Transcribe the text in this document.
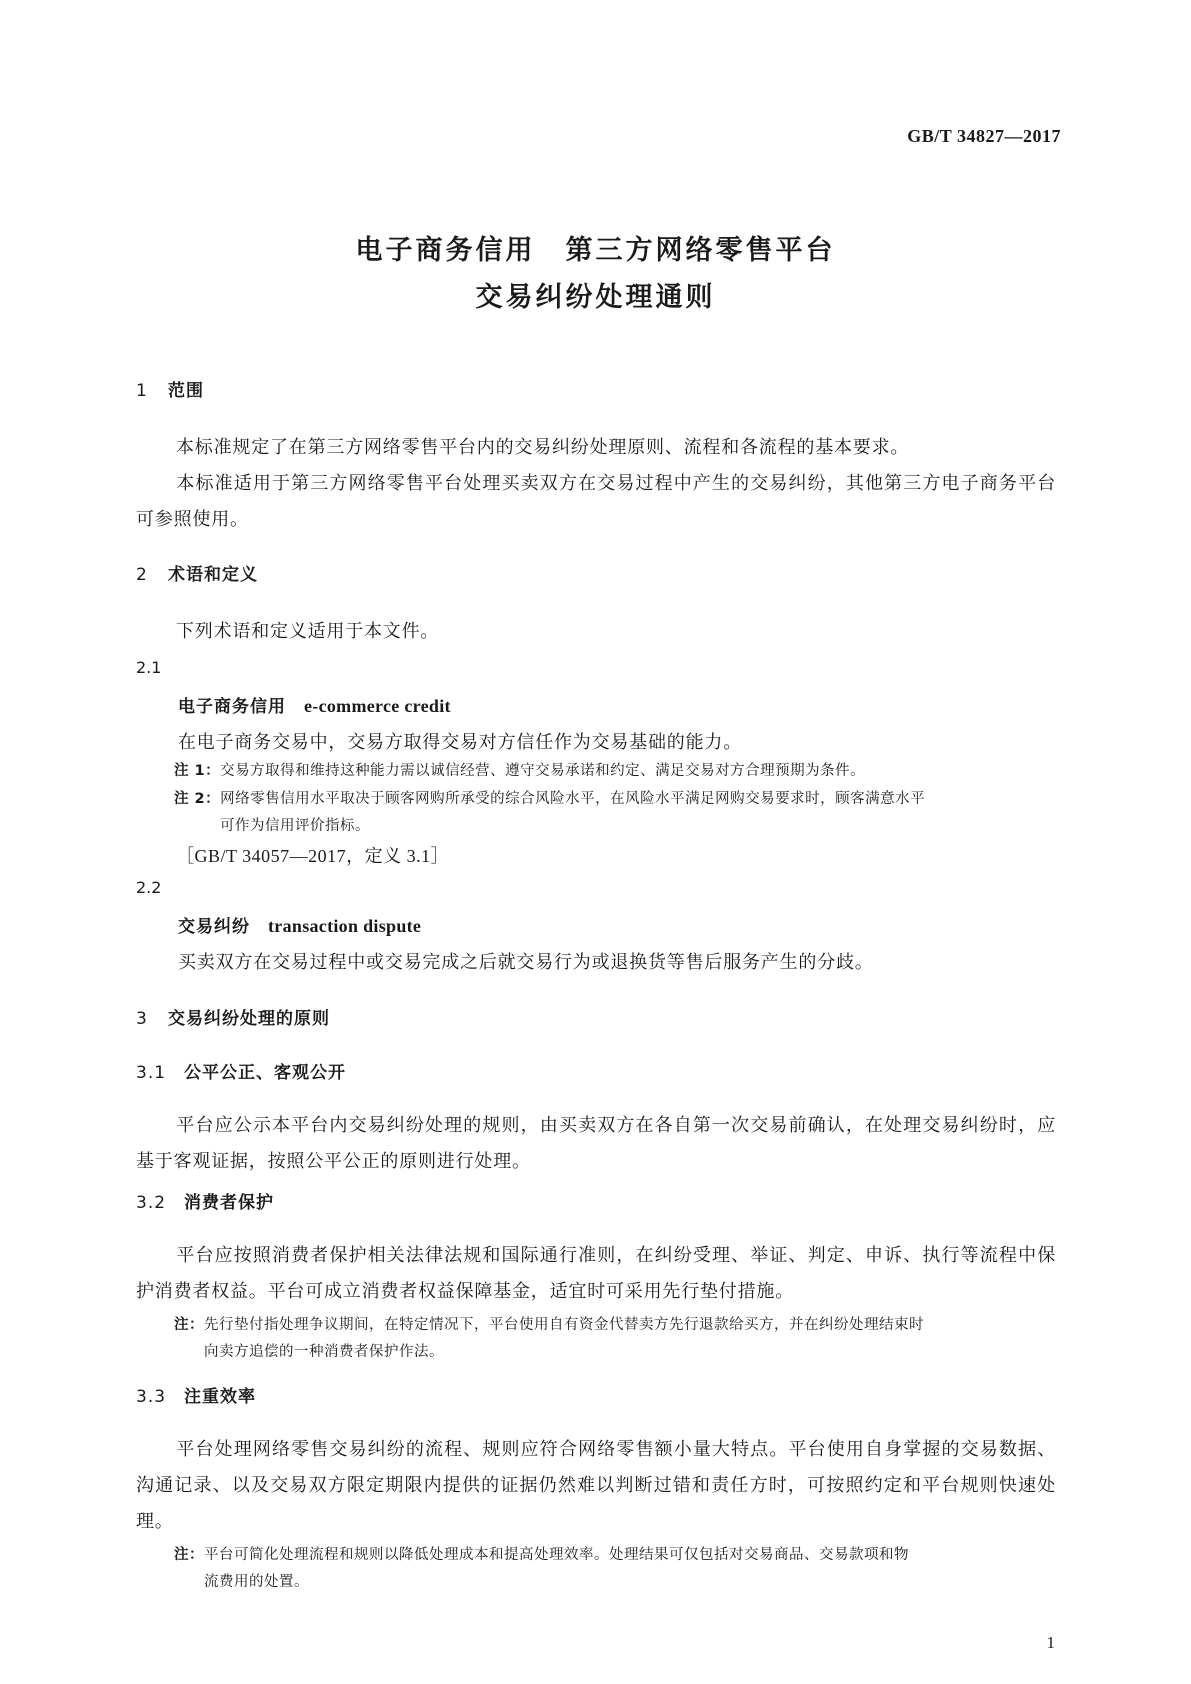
GB/T 34827—2017
电子商务信用　第三方网络零售平台
交易纠纷处理通则
1 范围
本标准规定了在第三方网络零售平台内的交易纠纷处理原则、流程和各流程的基本要求。
本标准适用于第三方网络零售平台处理买卖双方在交易过程中产生的交易纠纷，其他第三方电子商务平台可参照使用。
2 术语和定义
下列术语和定义适用于本文件。
2.1
电子商务信用 e-commerce credit
在电子商务交易中，交易方取得交易对方信任作为交易基础的能力。
注 1：交易方取得和维持这种能力需以诚信经营、遵守交易承诺和约定、满足交易对方合理预期为条件。
注 2：网络零售信用水平取决于顾客网购所承受的综合风险水平，在风险水平满足网购交易要求时，顾客满意水平
可作为信用评价指标。
［GB/T 34057—2017，定义 3.1］
2.2
交易纠纷 transaction dispute
买卖双方在交易过程中或交易完成之后就交易行为或退换货等售后服务产生的分歧。
3 交易纠纷处理的原则
3.1 公平公正、客观公开
平台应公示本平台内交易纠纷处理的规则，由买卖双方在各自第一次交易前确认，在处理交易纠纷时，应基于客观证据，按照公平公正的原则进行处理。
3.2 消费者保护
平台应按照消费者保护相关法律法规和国际通行准则，在纠纷受理、举证、判定、申诉、执行等流程中保护消费者权益。平台可成立消费者权益保障基金，适宜时可采用先行垫付措施。
注：先行垫付指处理争议期间，在特定情况下，平台使用自有资金代替卖方先行退款给买方，并在纠纷处理结束时
向卖方追偿的一种消费者保护作法。
3.3 注重效率
平台处理网络零售交易纠纷的流程、规则应符合网络零售额小量大特点。平台使用自身掌握的交易数据、沟通记录、以及交易双方限定期限内提供的证据仍然难以判断过错和责任方时，可按照约定和平台规则快速处理。
注：平台可简化处理流程和规则以降低处理成本和提高处理效率。处理结果可仅包括对交易商品、交易款项和物
流费用的处置。
1
